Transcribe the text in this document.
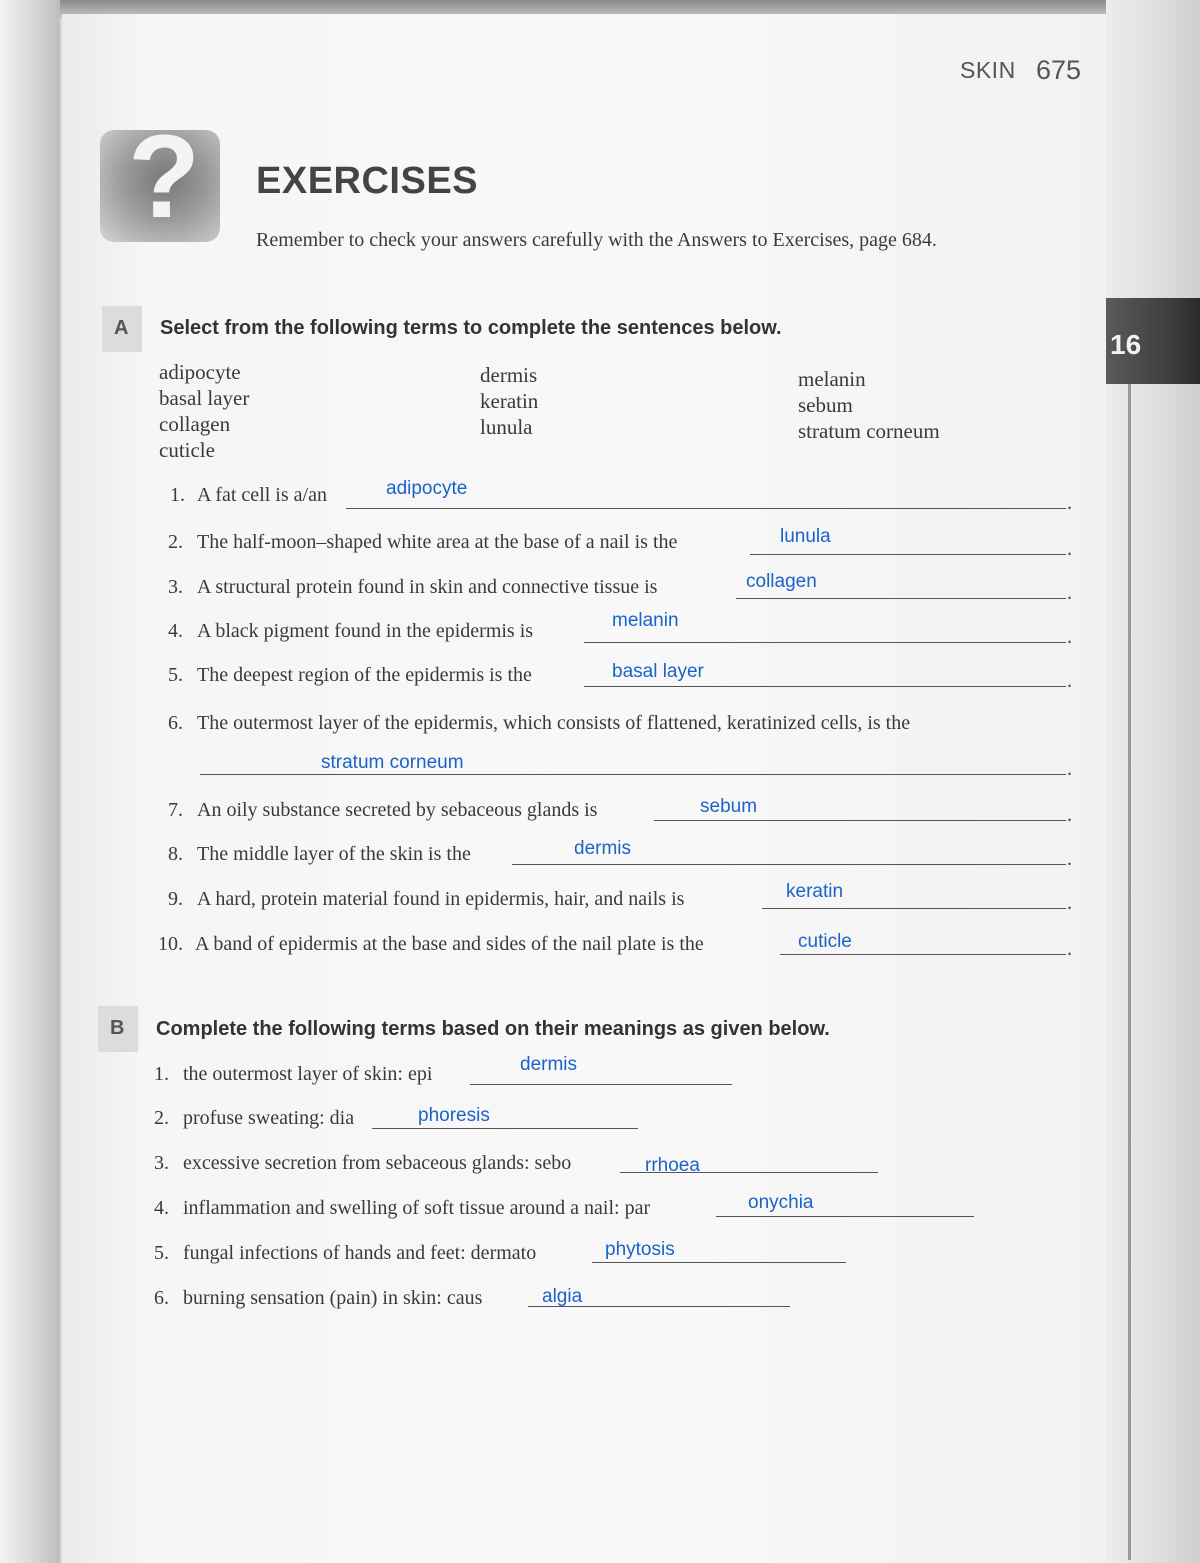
SKIN 675
? EXERCISES
Remember to check your answers carefully with the Answers to Exercises, page 684.
16
A Select from the following terms to complete the sentences below.
adipocyte
basal layer
collagen
cuticle
dermis
keratin
lunula
melanin
sebum
stratum corneum
1. A fat cell is a/an	.
adipocyte
2. The half-moon–shaped white area at the base of a nail is the	.
lunula
3. A structural protein found in skin and connective tissue is	.
collagen
4. A black pigment found in the epidermis is	.
melanin
5. The deepest region of the epidermis is the	.
basal layer
6. The outermost layer of the epidermis, which consists of flattened, keratinized cells, is the
.
stratum corneum
7. An oily substance secreted by sebaceous glands is	.
sebum
8. The middle layer of the skin is the	.
dermis
9. A hard, protein material found in epidermis, hair, and nails is	.
keratin
10. A band of epidermis at the base and sides of the nail plate is the	.
cuticle
B Complete the following terms based on their meanings as given below.
1. the outermost layer of skin: epi	dermis
2. profuse sweating: dia	phoresis
3. excessive secretion from sebaceous glands: sebo	rrhoea
4. inflammation and swelling of soft tissue around a nail: par	onychia
5. fungal infections of hands and feet: dermato	phytosis
6. burning sensation (pain) in skin: caus	algia
